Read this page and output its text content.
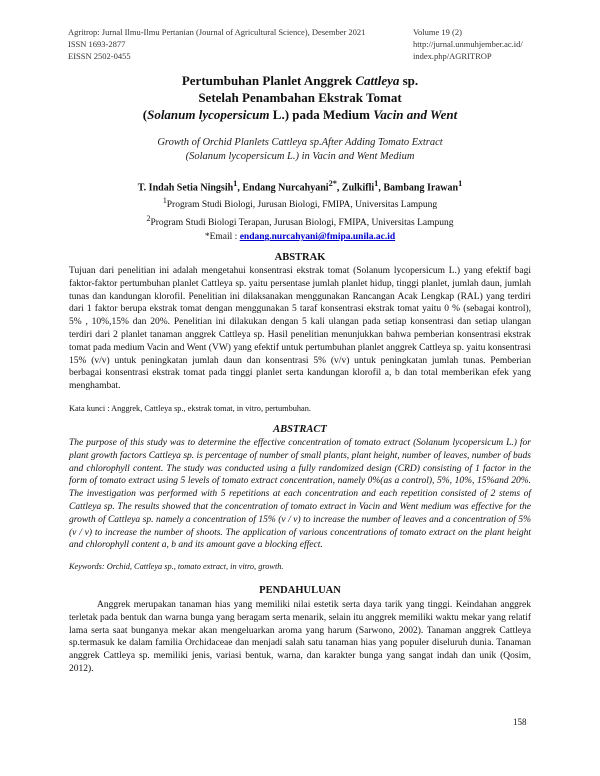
Agritrop: Jurnal Ilmu-Ilmu Pertanian (Journal of Agricultural Science), Desember 2021
ISSN 1693-2877
EISSN 2502-0455
Volume 19 (2)
http://jurnal.unmuhjember.ac.id/
index.php/AGRITROP
Pertumbuhan Planlet Anggrek Cattleya sp.
Setelah Penambahan Ekstrak Tomat
(Solanum lycopersicum L.) pada Medium Vacin and Went
Growth of Orchid Planlets Cattleya sp.After Adding Tomato Extract
(Solanum lycopersicum L.) in Vacin and Went Medium
T. Indah Setia Ningsih$^1$, Endang Nurcahyani$^{2*}$, Zulkifli$^1$, Bambang Irawan$^1$
$^1$Program Studi Biologi, Jurusan Biologi, FMIPA, Universitas Lampung
$^2$Program Studi Biologi Terapan, Jurusan Biologi, FMIPA, Universitas Lampung
*Email : endang.nurcahyani@fmipa.unila.ac.id
ABSTRAK
Tujuan dari penelitian ini adalah mengetahui konsentrasi ekstrak tomat (Solanum lycopersicum L.) yang efektif bagi faktor-faktor pertumbuhan planlet Cattleya sp. yaitu persentase jumlah planlet hidup, tinggi planlet, jumlah daun, jumlah tunas dan kandungan klorofil. Penelitian ini dilaksanakan menggunakan Rancangan Acak Lengkap (RAL) yang terdiri dari 1 faktor berupa ekstrak tomat dengan menggunakan 5 taraf konsentrasi ekstrak tomat yaitu 0 % (sebagai kontrol), 5% , 10%,15% dan 20%. Penelitian ini dilakukan dengan 5 kali ulangan pada setiap konsentrasi dan setiap ulangan terdiri dari 2 planlet tanaman anggrek Cattleya sp. Hasil penelitian menunjukkan bahwa pemberian konsentrasi ekstrak tomat pada medium Vacin and Went (VW) yang efektif untuk pertumbuhan planlet anggrek Cattleya sp. yaitu konsentrasi 15% (v/v) untuk peningkatan jumlah daun dan konsentrasi 5% (v/v) untuk peningkatan jumlah tunas. Pemberian berbagai konsentrasi ekstrak tomat pada tinggi planlet serta kandungan klorofil a, b dan total memberikan efek yang menghambat.
Kata kunci : Anggrek, Cattleya sp., ekstrak tomat, in vitro, pertumbuhan.
ABSTRACT
The purpose of this study was to determine the effective concentration of tomato extract (Solanum lycopersicum L.) for plant growth factors Cattleya sp. is percentage of number of small plants, plant height, number of leaves, number of buds and chlorophyll content. The study was conducted using a fully randomized design (CRD) consisting of 1 factor in the form of tomato extract using 5 levels of tomato extract concentration, namely 0%(as a control), 5%, 10%, 15%and 20%. The investigation was performed with 5 repetitions at each concentration and each repetition consisted of 2 stems of Cattleya sp. The results showed that the concentration of tomato extract in Vacin and Went medium was effective for the growth of Cattleya sp. namely a concentration of 15% (v / v) to increase the number of leaves and a concentration of 5% (v / v) to increase the number of shoots. The application of various concentrations of tomato extract on the plant height and chlorophyll content a, b and its amount gave a blocking effect.
Keywords: Orchid, Cattleya sp., tomato extract, in vitro, growth.
PENDAHULUAN
Anggrek merupakan tanaman hias yang memiliki nilai estetik serta daya tarik yang tinggi. Keindahan anggrek terletak pada bentuk dan warna bunga yang beragam serta menarik, selain itu anggrek memiliki waktu mekar yang relatif lama serta saat bunganya mekar akan mengeluarkan aroma yang harum (Sarwono, 2002). Tanaman anggrek Cattleya sp.termasuk ke dalam familia Orchidaceae dan menjadi salah satu tanaman hias yang populer diseluruh dunia. Tanaman anggrek Cattleya sp. memiliki jenis, variasi bentuk, warna, dan karakter bunga yang sangat indah dan unik (Qosim, 2012).
158
